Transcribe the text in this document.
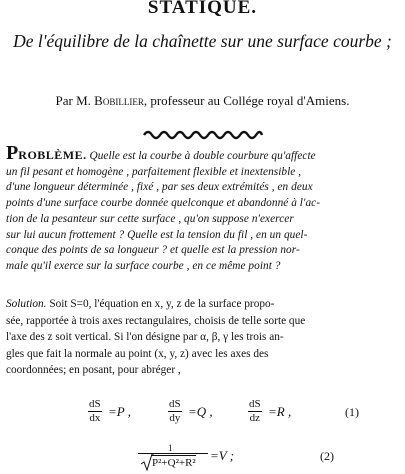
STATIQUE.
De l'équilibre de la chaînette sur une surface courbe ;
Par M. Bobillier, professeur au Collége royal d'Amiens.
PROBLÈME. Quelle est la courbe à double courbure qu'affecte
un fil pesant et homogène , parfaitement flexible et inextensible ,
d'une longueur déterminée , fixé , par ses deux extrémités , en deux
points d'une surface courbe donnée quelconque et abandonné à l'ac-
tion de la pesanteur sur cette surface , qu'on suppose n'exercer
sur lui aucun frottement ? Quelle est la tension du fil , en un quel-
conque des points de sa longueur ? et quelle est la pression nor-
male qu'il exerce sur la surface courbe , en ce même point ?
Solution. Soit S=0, l'équation en x, y, z de la surface propo-
sée, rapportée à trois axes rectangulaires, choisis de telle sorte que
l'axe des z soit vertical. Si l'on désigne par α, β, γ les trois an-
gles que fait la normale au point (x, y, z) avec les axes des
coordonnées; en posant, pour abréger ,
$\frac{dS}{dx} =P$ ,	$\frac{dS}{dy} =Q$ ,	$\frac{dS}{dz} =R$ ,	(1)
1
P²+Q²+R² =V ;	(2)
